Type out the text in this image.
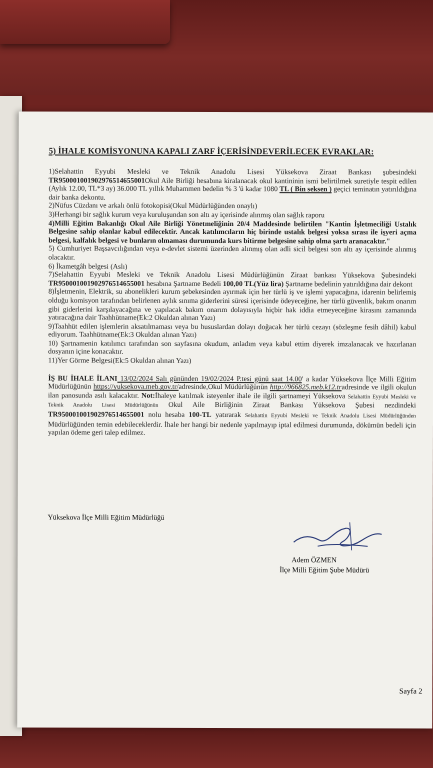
5) İHALE KOMİSYONUNA KAPALI ZARF İÇERİSİNDEVERİLECEK EVRAKLAR:

1)Selahattin Eyyubi Mesleki ve Teknik Anadolu Lisesi Yüksekova Ziraat Bankası şubesindeki TR950001001902976514655001Okul Aile Birliği hesabına kiralanacak okul kantininin ismi belirtilmek suretiyle tespit edilen (Aylık 12.00, TL*3 ay) 36.000 TL yıllık Muhammen bedelin % 3 'ü kadar 1080 TL ( Bin seksen ) geçici teminatın yatırıldığına dair banka dekontu.

2)Nüfus Cüzdanı ve arkalı önlü fotokopisi(Okul Müdürlüğünden onaylı)

3)Herhangi bir sağlık kurum veya kuruluşundan son altı ay içerisinde alınmış olan sağlık raporu

4)Milli Eğitim Bakanlığı Okul Aile Birliği Yönetmeliğinin 20/4 Maddesinde belirtilen "Kantin İşletmeciliği Ustalık Belgesine sahip olanlar kabul edilecektir. Ancak katılımcıların hiç birinde ustalık belgesi yoksa sırası ile işyeri açma belgesi, kalfalık belgesi ve bunların olmaması durumunda kurs bitirme belgesine sahip olma şartı aranacaktır."

5) Cumhuriyet Başsavcılığından veya e-devlet sistemi üzerinden alınmış olan adli sicil belgesi son altı ay içerisinde alınmış olacaktır.

6) İkametgâh belgesi (Aslı)

7)Selahattin Eyyubi Mesleki ve Teknik Anadolu Lisesi Müdürlüğünün Ziraat bankası Yüksekova Şubesindeki TR950001001902976514655001 hesabına Şartname Bedeli 100,00 TL(Yüz lira) Şartname bedelinin yatırıldığına dair dekont

8)İşletmenin, Elektrik, su abonelikleri kurum şebekesinden ayırmak için her türlü iş ve işlemi yapacağına, idarenin belirlemiş olduğu komisyon tarafından belirlenen aylık sınıma giderlerini süresi içerisinde ödeyeceğine, her türlü güvenlik, bakım onarım gibi giderlerini karşılayacağına ve yapılacak bakım onarım dolayısıyla hiçbir hak iddia etmeyeceğine kirasını zamanında yatıracağına dair Taahhütname(Ek:2 Okuldan alınan Yazı)

9)Taahhüt edilen işlemlerin aksatılmaması veya bu hususlardan dolayı doğacak her türlü cezayı (sözleşme fesih dâhil) kabul ediyorum. Taahhütname(Ek:3 Okuldan alınan Yazı)

10) Şartnamenin katılımcı tarafından son sayfasına okudum, anladım veya kabul ettim diyerek imzalanacak ve hazırlanan dosyanın içine konacaktır.

11)Yer Görme Belgesi(Ek:5 Okuldan alınan Yazı)

İŞ BU İHALE İLANI 13/02/2024 Salı gününden 19/02/2024 P.tesi günü saat 14.00' a kadar Yüksekova İlçe Milli Eğitim Müdürlüğünün https://yuksekova.meb.gov.tr/adresinde,Okul Müdürlüğünün http://966825.meb.k12.tradresinde ve ilgili okulun ilan panosunda asılı kalacaktır. Not:İhaleye katılmak isteyenler ihale ile ilgili şartnameyi Yüksekova Selahattin Eyyubi Mesleki ve Teknik Anadolu Lisesi Müdürlüğünün Okul Aile Birliğinin Ziraat Bankası Yüksekova Şubesi nezdindeki TR950001001902976514655001 nolu hesaba 100-TL yatırarak Selahattin Eyyubi Mesleki ve Teknik Anadolu Lisesi Müdürlüğünden Müdürlüğünden temin edebileceklerdir. İhale her hangi bir nedenle yapılmayıp iptal edilmesi durumunda, dökümün bedeli için yapılan ödeme geri talep edilmez.

Yüksekova İlçe Milli Eğitim Müdürlüğü
Adem ÖZMEN
İlçe Milli Eğitim Şube Müdürü
Sayfa 2
